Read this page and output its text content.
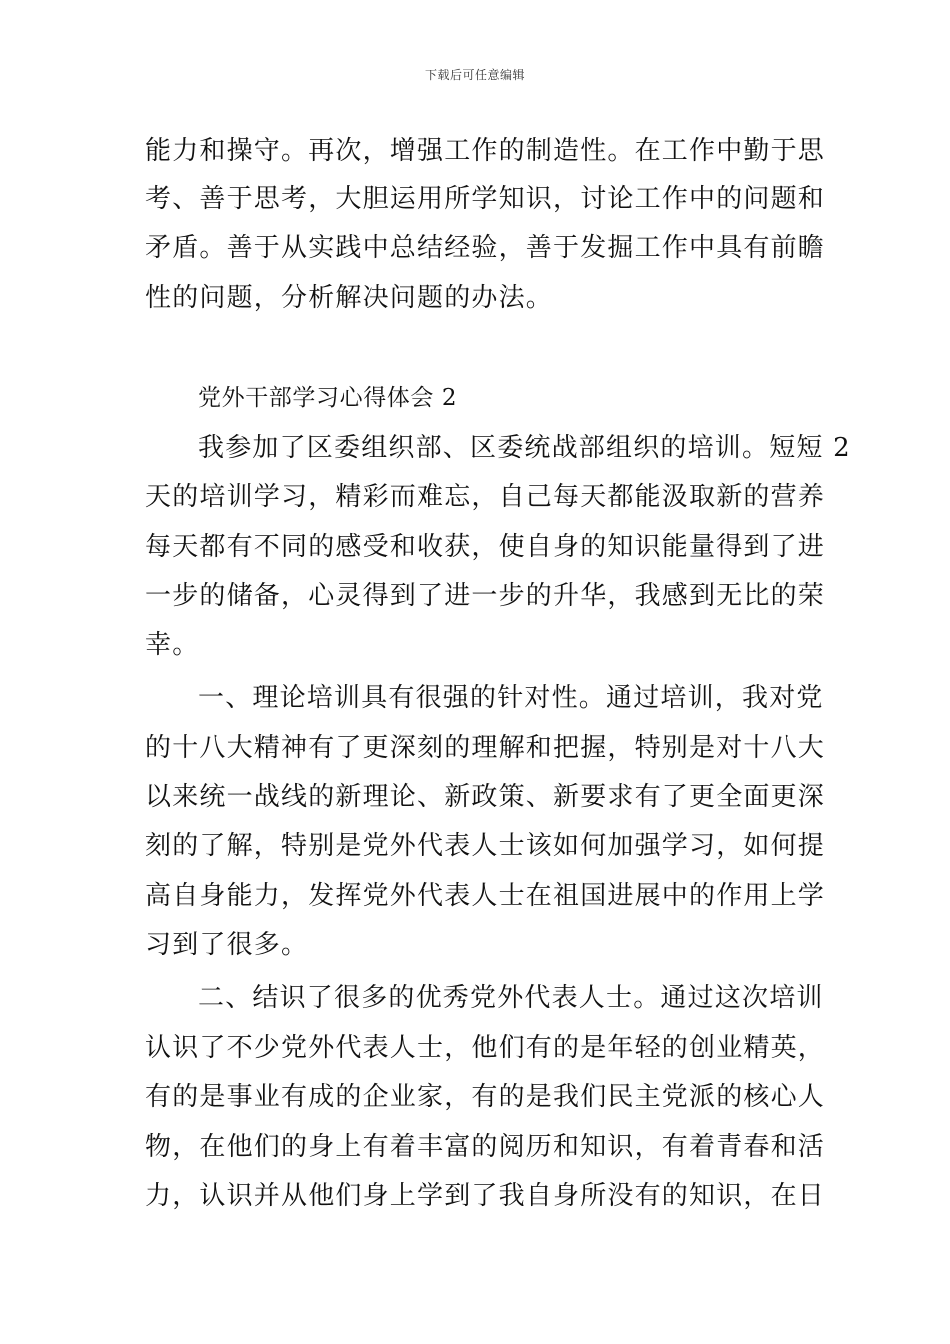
下载后可任意编辑
能力和操守。再次，增强工作的制造性。在工作中勤于思
考、善于思考，大胆运用所学知识，讨论工作中的问题和
矛盾。善于从实践中总结经验，善于发掘工作中具有前瞻
性的问题，分析解决问题的办法。
党外干部学习心得体会 2
我参加了区委组织部、区委统战部组织的培训。短短 2
天的培训学习，精彩而难忘，自己每天都能汲取新的营养
每天都有不同的感受和收获，使自身的知识能量得到了进
一步的储备，心灵得到了进一步的升华，我感到无比的荣
幸。
一、理论培训具有很强的针对性。通过培训，我对党
的十八大精神有了更深刻的理解和把握，特别是对十八大
以来统一战线的新理论、新政策、新要求有了更全面更深
刻的了解，特别是党外代表人士该如何加强学习，如何提
高自身能力，发挥党外代表人士在祖国进展中的作用上学
习到了很多。
二、结识了很多的优秀党外代表人士。通过这次培训
认识了不少党外代表人士，他们有的是年轻的创业精英，
有的是事业有成的企业家，有的是我们民主党派的核心人
物，在他们的身上有着丰富的阅历和知识，有着青春和活
力，认识并从他们身上学到了我自身所没有的知识，在日
